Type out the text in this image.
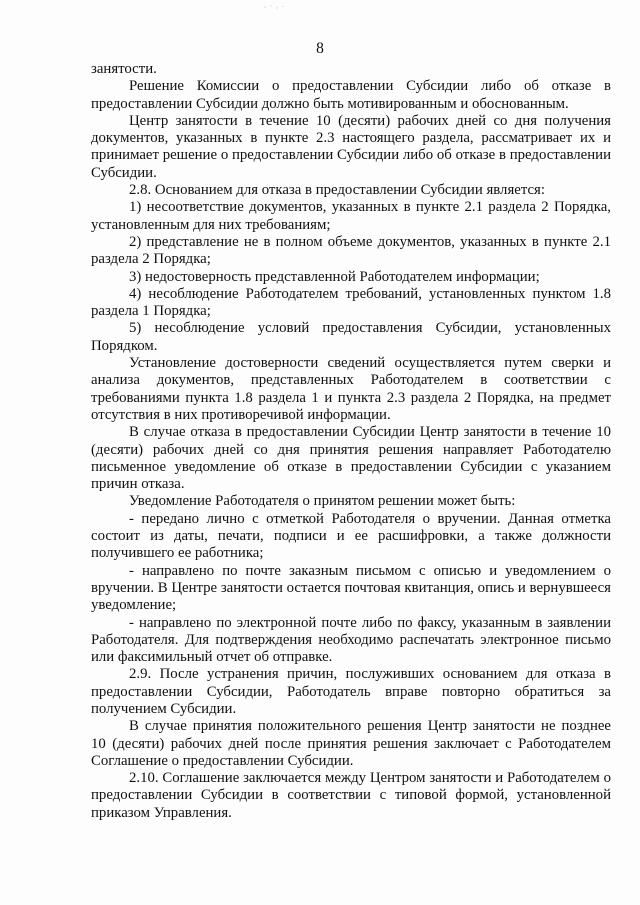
8

занятости.

Решение Комиссии о предоставлении Субсидии либо об отказе в предоставлении Субсидии должно быть мотивированным и обоснованным.

Центр занятости в течение 10 (десяти) рабочих дней со дня получения документов, указанных в пункте 2.3 настоящего раздела, рассматривает их и принимает решение о предоставлении Субсидии либо об отказе в предоставлении Субсидии.

2.8. Основанием для отказа в предоставлении Субсидии является:

1) несоответствие документов, указанных в пункте 2.1 раздела 2 Порядка, установленным для них требованиям;

2) представление не в полном объеме документов, указанных в пункте 2.1 раздела 2 Порядка;

3) недостоверность представленной Работодателем информации;

4) несоблюдение Работодателем требований, установленных пунктом 1.8 раздела 1 Порядка;

5) несоблюдение условий предоставления Субсидии, установленных Порядком.

Установление достоверности сведений осуществляется путем сверки и анализа документов, представленных Работодателем в соответствии с требованиями пункта 1.8 раздела 1 и пункта 2.3 раздела 2 Порядка, на предмет отсутствия в них противоречивой информации.

В случае отказа в предоставлении Субсидии Центр занятости в течение 10 (десяти) рабочих дней со дня принятия решения направляет Работодателю письменное уведомление об отказе в предоставлении Субсидии с указанием причин отказа.

Уведомление Работодателя о принятом решении может быть:

- передано лично с отметкой Работодателя о вручении. Данная отметка состоит из даты, печати, подписи и ее расшифровки, а также должности получившего ее работника;

- направлено по почте заказным письмом с описью и уведомлением о вручении. В Центре занятости остается почтовая квитанция, опись и вернувшееся уведомление;

- направлено по электронной почте либо по факсу, указанным в заявлении Работодателя. Для подтверждения необходимо распечатать электронное письмо или факсимильный отчет об отправке.

2.9. После устранения причин, послуживших основанием для отказа в предоставлении Субсидии, Работодатель вправе повторно обратиться за получением Субсидии.

В случае принятия положительного решения Центр занятости не позднее 10 (десяти) рабочих дней после принятия решения заключает с Работодателем Соглашение о предоставлении Субсидии.

2.10. Соглашение заключается между Центром занятости и Работодателем о предоставлении Субсидии в соответствии с типовой формой, установленной приказом Управления.
